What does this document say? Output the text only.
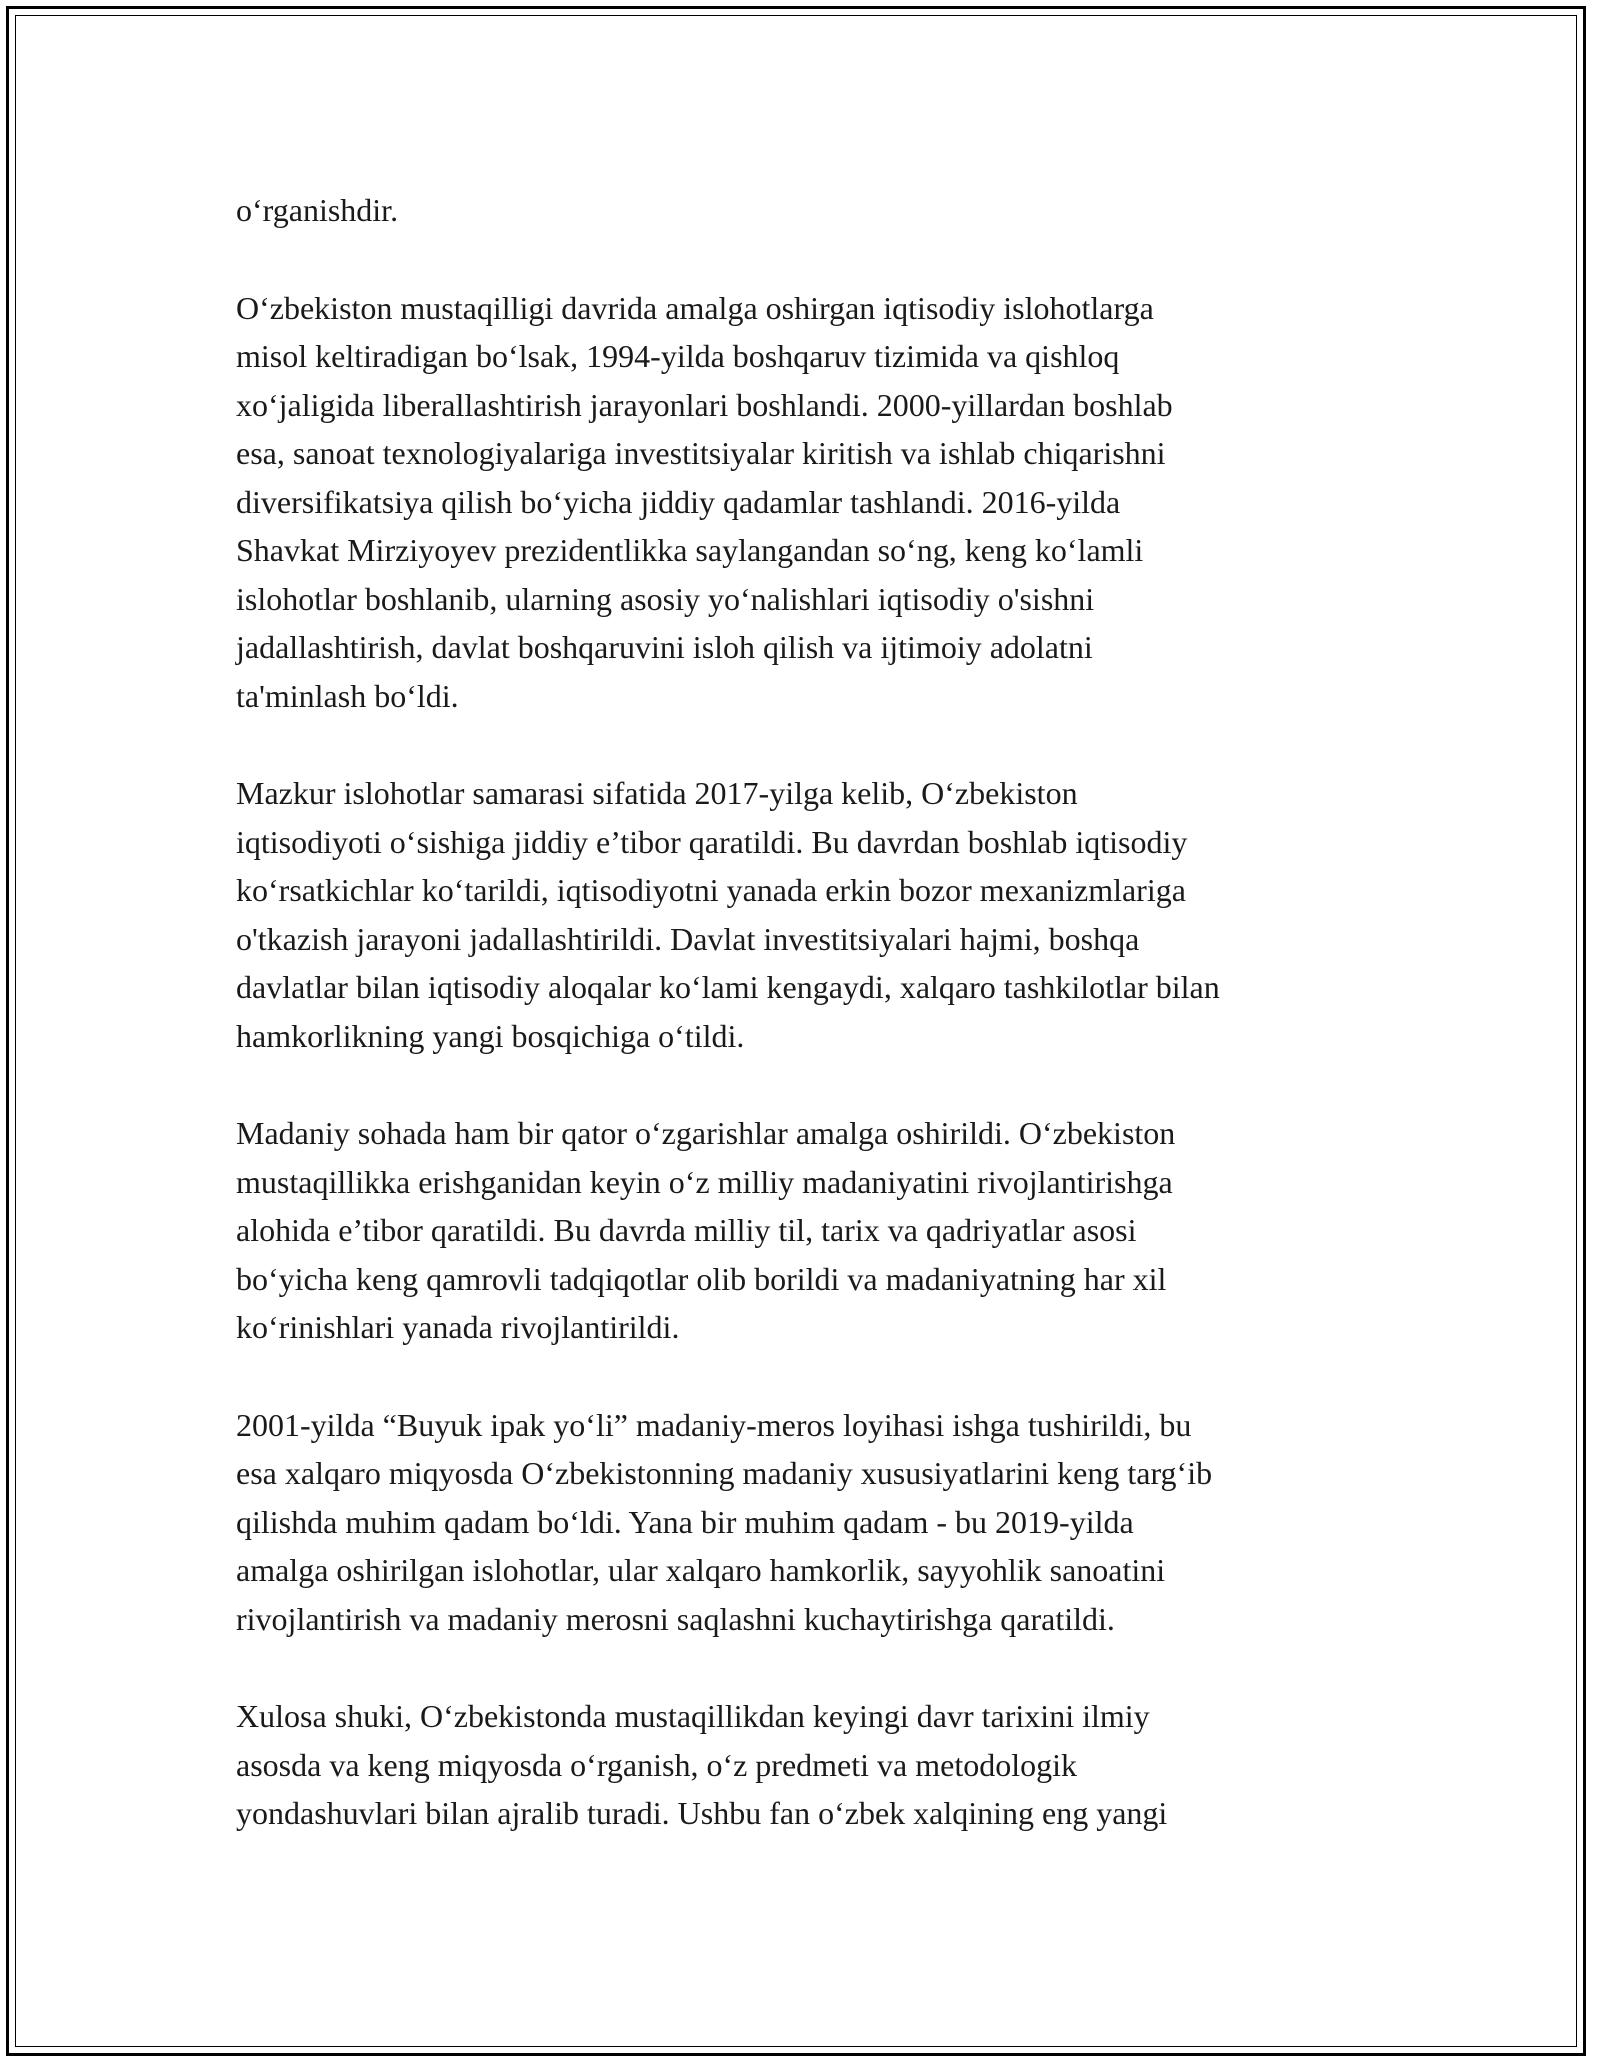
o‘rganishdir.

O‘zbekiston mustaqilligi davrida amalga oshirgan iqtisodiy islohotlarga
misol keltiradigan bo‘lsak, 1994-yilda boshqaruv tizimida va qishloq
xo‘jaligida liberallashtirish jarayonlari boshlandi. 2000-yillardan boshlab
esa, sanoat texnologiyalariga investitsiyalar kiritish va ishlab chiqarishni
diversifikatsiya qilish bo‘yicha jiddiy qadamlar tashlandi. 2016-yilda
Shavkat Mirziyoyev prezidentlikka saylangandan so‘ng, keng ko‘lamli
islohotlar boshlanib, ularning asosiy yo‘nalishlari iqtisodiy o'sishni
jadallashtirish, davlat boshqaruvini isloh qilish va ijtimoiy adolatni
ta'minlash bo‘ldi.

Mazkur islohotlar samarasi sifatida 2017-yilga kelib, O‘zbekiston
iqtisodiyoti o‘sishiga jiddiy e’tibor qaratildi. Bu davrdan boshlab iqtisodiy
ko‘rsatkichlar ko‘tarildi, iqtisodiyotni yanada erkin bozor mexanizmlariga
o'tkazish jarayoni jadallashtirildi. Davlat investitsiyalari hajmi, boshqa
davlatlar bilan iqtisodiy aloqalar ko‘lami kengaydi, xalqaro tashkilotlar bilan
hamkorlikning yangi bosqichiga o‘tildi.

Madaniy sohada ham bir qator o‘zgarishlar amalga oshirildi. O‘zbekiston
mustaqillikka erishganidan keyin o‘z milliy madaniyatini rivojlantirishga
alohida e’tibor qaratildi. Bu davrda milliy til, tarix va qadriyatlar asosi
bo‘yicha keng qamrovli tadqiqotlar olib borildi va madaniyatning har xil
ko‘rinishlari yanada rivojlantirildi.

2001-yilda “Buyuk ipak yo‘li” madaniy-meros loyihasi ishga tushirildi, bu
esa xalqaro miqyosda O‘zbekistonning madaniy xususiyatlarini keng targ‘ib
qilishda muhim qadam bo‘ldi. Yana bir muhim qadam - bu 2019-yilda
amalga oshirilgan islohotlar, ular xalqaro hamkorlik, sayyohlik sanoatini
rivojlantirish va madaniy merosni saqlashni kuchaytirishga qaratildi.

Xulosa shuki, O‘zbekistonda mustaqillikdan keyingi davr tarixini ilmiy
asosda va keng miqyosda o‘rganish, o‘z predmeti va metodologik
yondashuvlari bilan ajralib turadi. Ushbu fan o‘zbek xalqining eng yangi
